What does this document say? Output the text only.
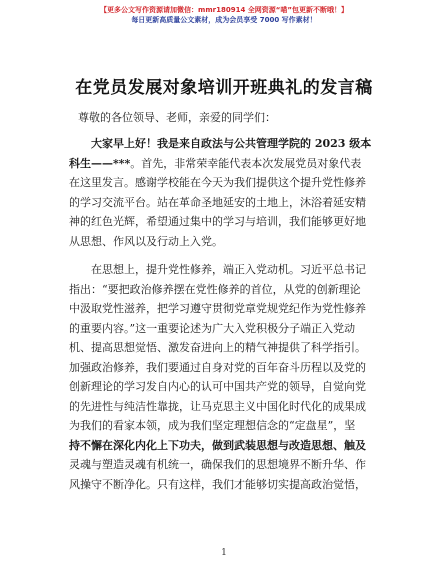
【更多公文写作资源请加微信：mmr180914 全网资源“喵”包更新不断哦！】
每日更新高质量公文素材，成为会员享受 7000 写作素材！
在党员发展对象培训开班典礼的发言稿
尊敬的各位领导、老师，亲爱的同学们：
大家早上好！我是来自政法与公共管理学院的 2023 级本
科生——***。首先，非常荣幸能代表本次发展党员对象代表
在这里发言。感谢学校能在今天为我们提供这个提升党性修养
的学习交流平台。站在革命圣地延安的土地上，沐浴着延安精
神的红色光辉，希望通过集中的学习与培训，我们能够更好地
从思想、作风以及行动上入党。
在思想上，提升党性修养，端正入党动机。习近平总书记
指出：“要把政治修养摆在党性修养的首位，从党的创新理论
中汲取党性滋养，把学习遵守贯彻党章党规党纪作为党性修养
的重要内容。”这一重要论述为广大入党积极分子端正入党动
机、提高思想觉悟、激发奋进向上的精气神提供了科学指引。
加强政治修养，我们要通过自身对党的百年奋斗历程以及党的
创新理论的学习发自内心的认可中国共产党的领导，自觉向党
的先进性与纯洁性靠拢，让马克思主义中国化时代化的成果成
为我们的看家本领，成为我们坚定理想信念的“定盘星”，坚
持不懈在深化内化上下功夫，做到武装思想与改造思想、触及
灵魂与塑造灵魂有机统一，确保我们的思想境界不断升华、作
风操守不断净化。只有这样，我们才能够切实提高政治觉悟，
1
